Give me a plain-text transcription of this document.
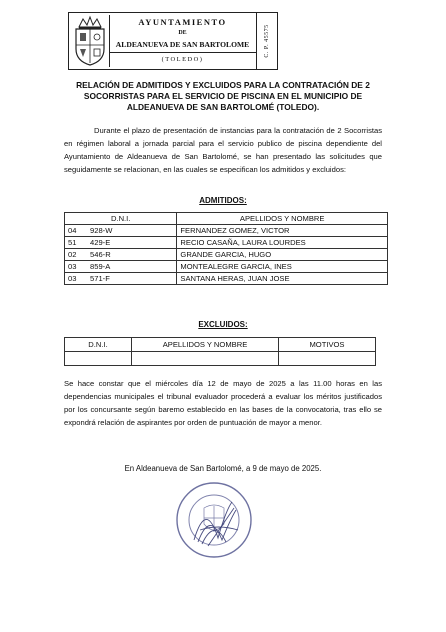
AYUNTAMIENTO
DE
ALDEANUEVA DE SAN BARTOLOME
(TOLEDO)
C. P. 45575
RELACIÓN DE ADMITIDOS Y EXCLUIDOS PARA LA CONTRATACIÓN DE 2 SOCORRISTAS PARA EL SERVICIO DE PISCINA EN EL MUNICIPIO DE ALDEANUEVA DE SAN BARTOLOMÉ (TOLEDO).
Durante el plazo de presentación de instancias para la contratación de 2 Socorristas en régimen laboral a jornada parcial para el servicio publico de piscina dependiente del Ayuntamiento de Aldeanueva de San Bartolomé, se han presentado las solicitudes que seguidamente se relacionan, en las cuales se especifican los admitidos y excluidos:
ADMITIDOS:
D.N.I.		APELLIDOS Y NOMBRE
04	928-W	FERNANDEZ GOMEZ, VICTOR
51	429-E	RECIO CASAÑA, LAURA LOURDES
02	546-R	GRANDE GARCIA, HUGO
03	859-A	MONTEALEGRE GARCIA, INES
03	571-F	SANTANA HERAS, JUAN JOSE
EXCLUIDOS:
D.N.I.	APELLIDOS Y NOMBRE	MOTIVOS

Se hace constar que el miércoles día 12 de mayo de 2025 a las 11.00 horas en las dependencias municipales el tribunal evaluador procederá a evaluar los méritos justificados por los concursante según baremo establecido en las bases de la convocatoria, tras ello se expondrá relación de aspirantes por orden de puntuación de mayor a menor.
En Aldeanueva de San Bartolomé, a 9 de mayo de 2025.
